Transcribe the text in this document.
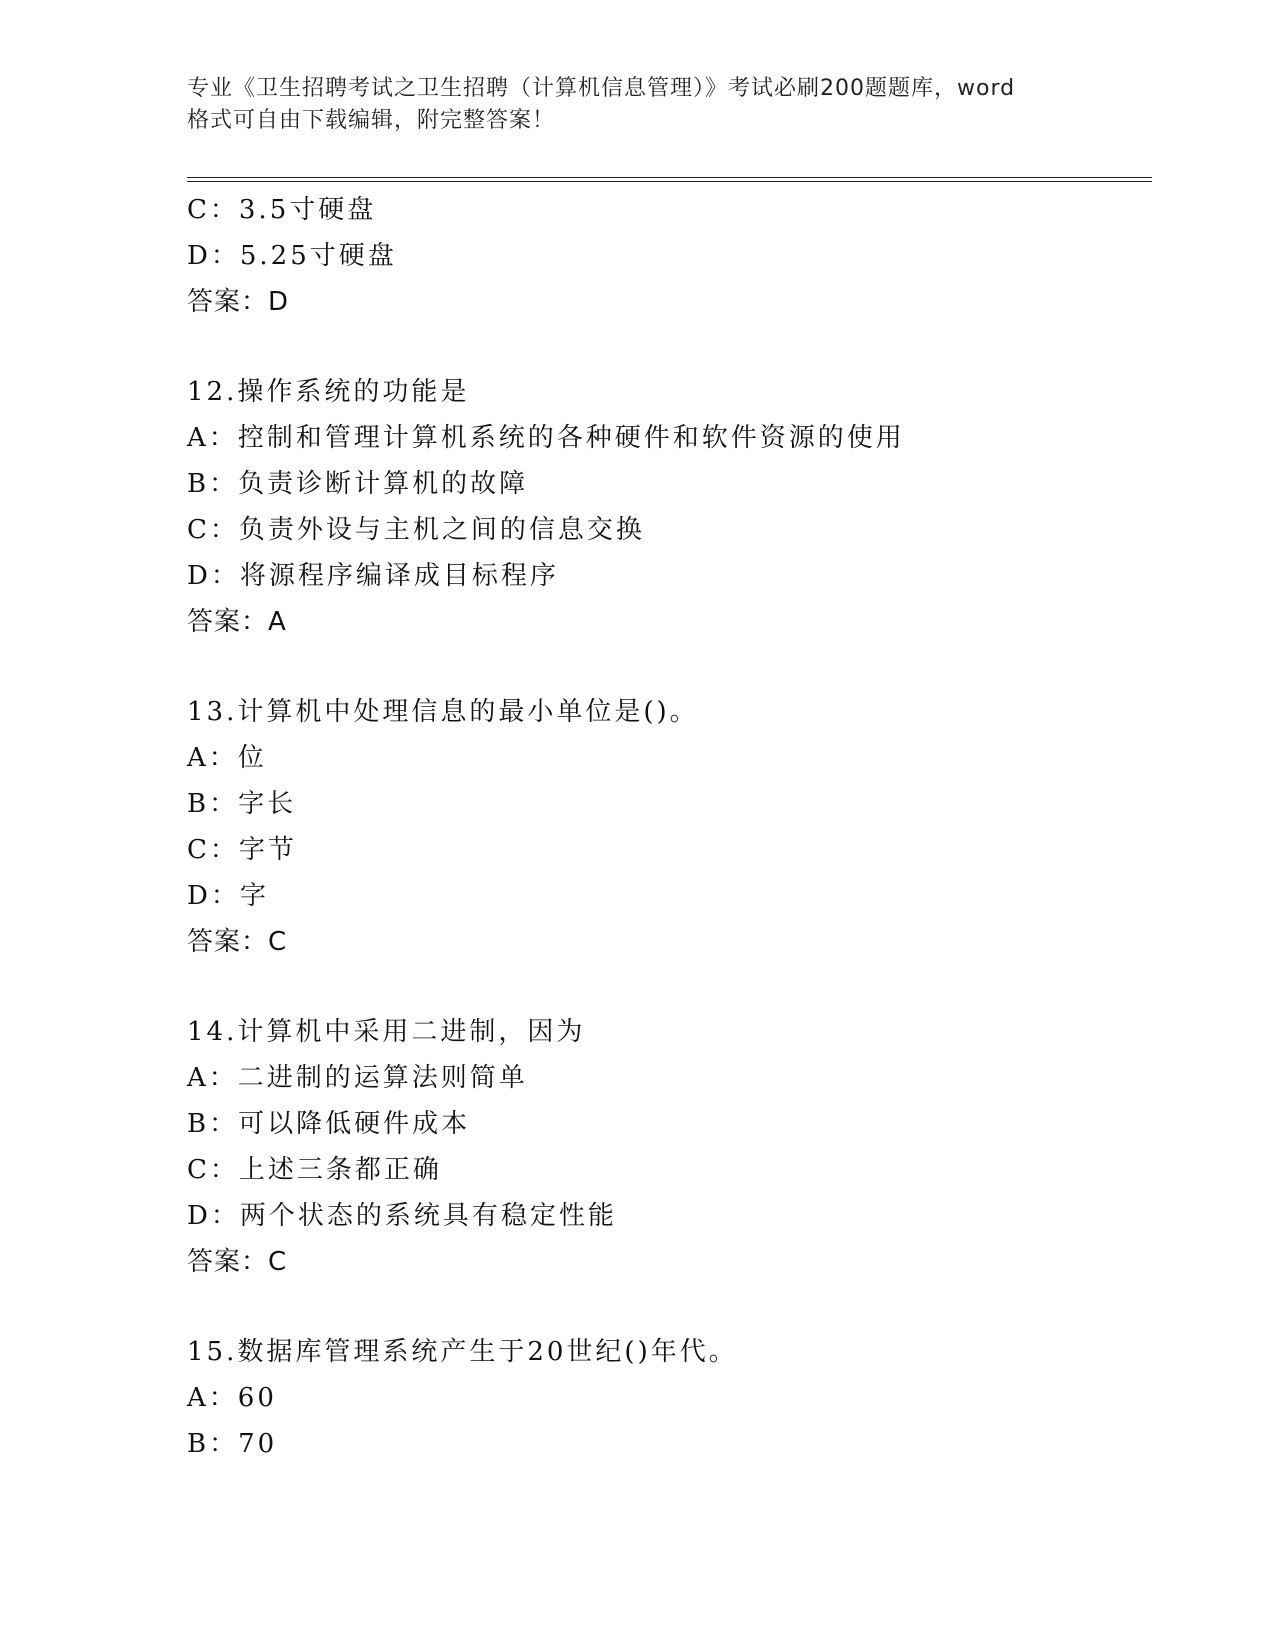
专业《卫生招聘考试之卫生招聘（计算机信息管理）》考试必刷200题题库，word
格式可自由下载编辑，附完整答案！
C：3.5寸硬盘
D：5.25寸硬盘
答案：D
12.操作系统的功能是
A：控制和管理计算机系统的各种硬件和软件资源的使用
B：负责诊断计算机的故障
C：负责外设与主机之间的信息交换
D：将源程序编译成目标程序
答案：A
13.计算机中处理信息的最小单位是()。
A：位
B：字长
C：字节
D：字
答案：C
14.计算机中采用二进制，因为
A：二进制的运算法则简单
B：可以降低硬件成本
C：上述三条都正确
D：两个状态的系统具有稳定性能
答案：C
15.数据库管理系统产生于20世纪()年代。
A：60
B：70
